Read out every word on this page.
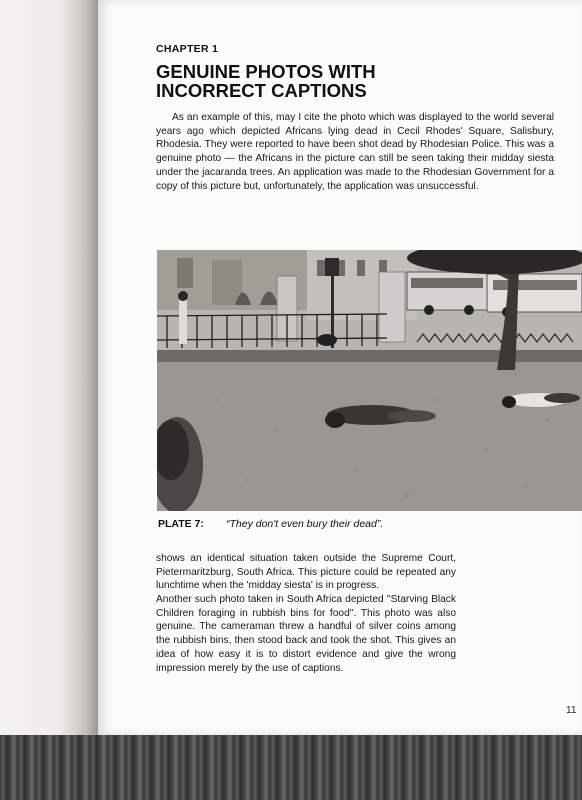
CHAPTER 1
GENUINE PHOTOS WITH
INCORRECT CAPTIONS

As an example of this, may I cite the photo which was displayed to the world several years ago which depicted Africans lying dead in Cecil Rhodes' Square, Salisbury, Rhodesia. They were reported to have been shot dead by Rhodesian Police. This was a genuine photo — the Africans in the picture can still be seen taking their midday siesta under the jacaranda trees. An application was made to the Rhodesian Government for a copy of this picture but, unfortunately, the application was unsuccessful.

PLATE 7: “They don't even bury their dead”.

shows an identical situation taken outside the Supreme Court, Pietermaritzburg, South Africa. This picture could be repeated any lunchtime when the 'midday siesta' is in progress.

Another such photo taken in South Africa depicted ''Starving Black Children foraging in rubbish bins for food''. This photo was also genuine. The cameraman threw a handful of silver coins among the rubbish bins, then stood back and took the shot. This gives an idea of how easy it is to distort evidence and give the wrong impression merely by the use of captions.

11
